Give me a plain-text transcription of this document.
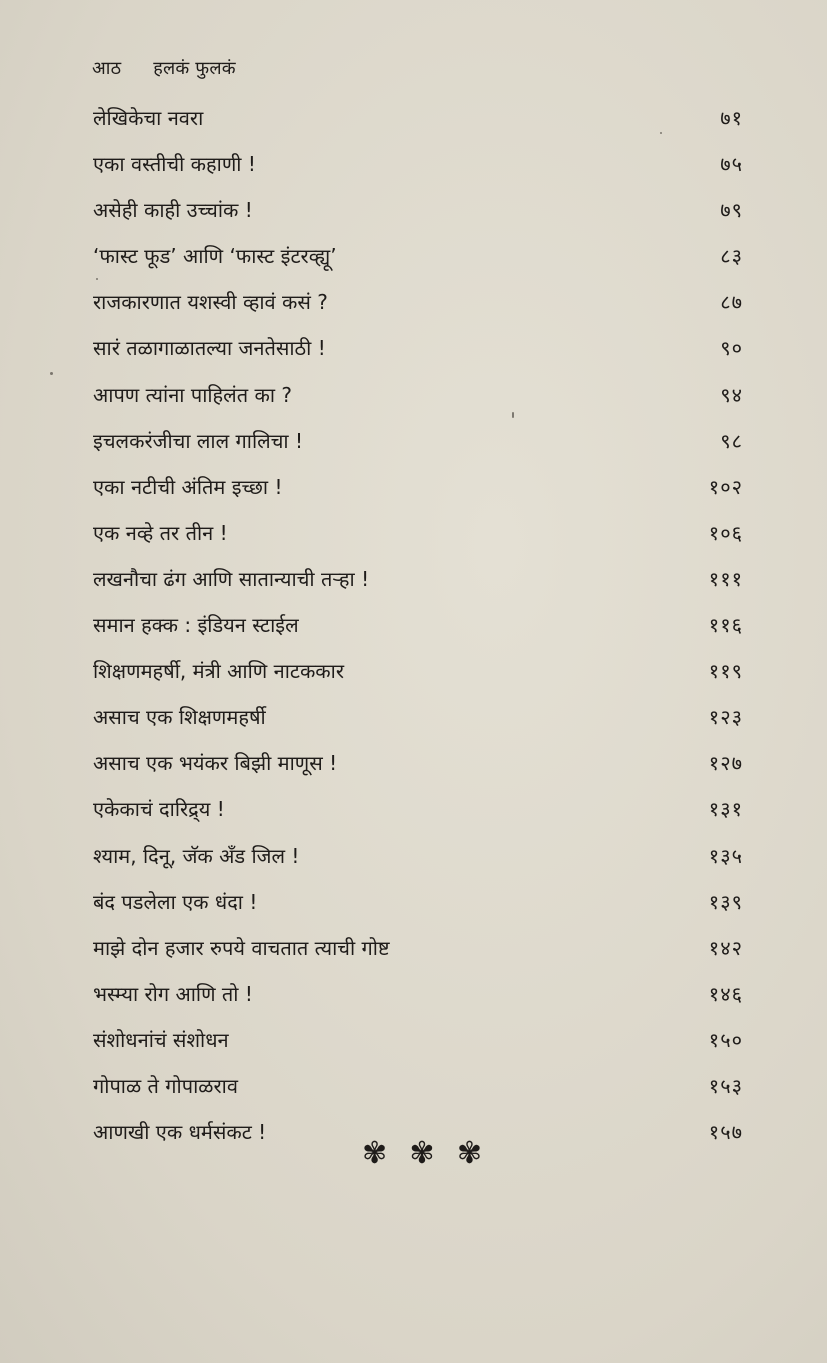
आठ हलकं फुलकं
लेखिकेचा नवरा	७१
एका वस्तीची कहाणी !	७५
असेही काही उच्चांक !	७९
‘फास्ट फूड’ आणि ‘फास्ट इंटरव्ह्यू’	८३
राजकारणात यशस्वी व्हावं कसं ?	८७
सारं तळागाळातल्या जनतेसाठी !	९०
आपण त्यांना पाहिलंत का ?	९४
इचलकरंजीचा लाल गालिचा !	९८
एका नटीची अंतिम इच्छा !	१०२
एक नव्हे तर तीन !	१०६
लखनौचा ढंग आणि सातान्याची तऱ्हा !	१११
समान हक्क : इंडियन स्टाईल	११६
शिक्षणमहर्षी, मंत्री आणि नाटककार	११९
असाच एक शिक्षणमहर्षी	१२३
असाच एक भयंकर बिझी माणूस !	१२७
एकेकाचं दारिद्र्य !	१३१
श्याम, दिनू, जॅक अँड जिल !	१३५
बंद पडलेला एक धंदा !	१३९
माझे दोन हजार रुपये वाचतात त्याची गोष्ट	१४२
भस्म्या रोग आणि तो !	१४६
संशोधनांचं संशोधन	१५०
गोपाळ ते गोपाळराव	१५३
आणखी एक धर्मसंकट !	१५७
✾ ✾ ✾
